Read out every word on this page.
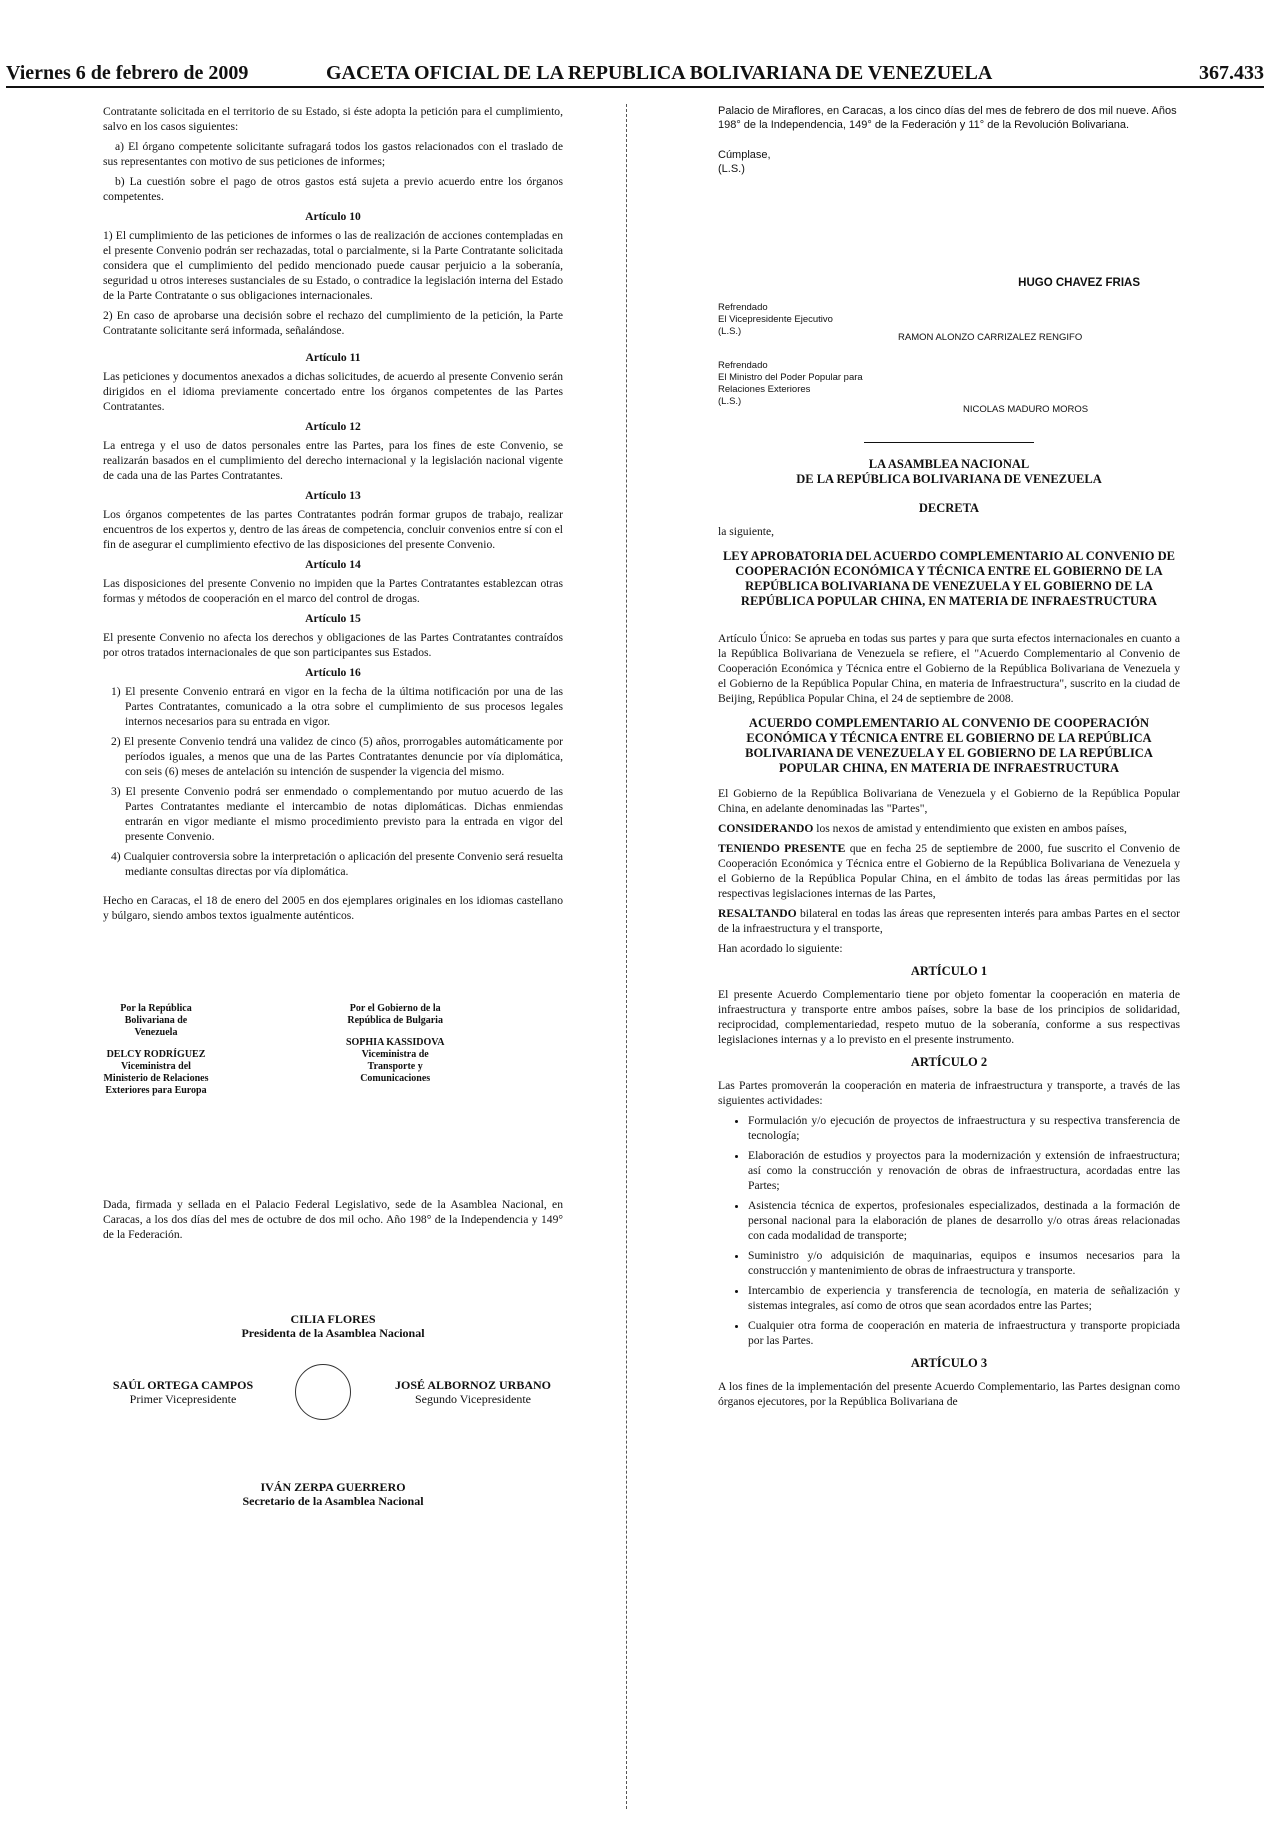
Viernes 6 de febrero de 2009	GACETA OFICIAL DE LA REPUBLICA BOLIVARIANA DE VENEZUELA	367.433

Contratante solicitada en el territorio de su Estado, si éste adopta la petición para el cumplimiento, salvo en los casos siguientes:

a) El órgano competente solicitante sufragará todos los gastos relacionados con el traslado de sus representantes con motivo de sus peticiones de informes;

b) La cuestión sobre el pago de otros gastos está sujeta a previo acuerdo entre los órganos competentes.

Artículo 10

1) El cumplimiento de las peticiones de informes o las de realización de acciones contempladas en el presente Convenio podrán ser rechazadas, total o parcialmente, si la Parte Contratante solicitada considera que el cumplimiento del pedido mencionado puede causar perjuicio a la soberanía, seguridad u otros intereses sustanciales de su Estado, o contradice la legislación interna del Estado de la Parte Contratante o sus obligaciones internacionales.

2) En caso de aprobarse una decisión sobre el rechazo del cumplimiento de la petición, la Parte Contratante solicitante será informada, señalándose.

Artículo 11

Las peticiones y documentos anexados a dichas solicitudes, de acuerdo al presente Convenio serán dirigidos en el idioma previamente concertado entre los órganos competentes de las Partes Contratantes.

Artículo 12

La entrega y el uso de datos personales entre las Partes, para los fines de este Convenio, se realizarán basados en el cumplimiento del derecho internacional y la legislación nacional vigente de cada una de las Partes Contratantes.

Artículo 13

Los órganos competentes de las partes Contratantes podrán formar grupos de trabajo, realizar encuentros de los expertos y, dentro de las áreas de competencia, concluir convenios entre sí con el fin de asegurar el cumplimiento efectivo de las disposiciones del presente Convenio.

Artículo 14

Las disposiciones del presente Convenio no impiden que la Partes Contratantes establezcan otras formas y métodos de cooperación en el marco del control de drogas.

Artículo 15

El presente Convenio no afecta los derechos y obligaciones de las Partes Contratantes contraídos por otros tratados internacionales de que son participantes sus Estados.

Artículo 16

1) El presente Convenio entrará en vigor en la fecha de la última notificación por una de las Partes Contratantes, comunicado a la otra sobre el cumplimiento de sus procesos legales internos necesarios para su entrada en vigor.

2) El presente Convenio tendrá una validez de cinco (5) años, prorrogables automáticamente por períodos iguales, a menos que una de las Partes Contratantes denuncie por vía diplomática, con seis (6) meses de antelación su intención de suspender la vigencia del mismo.

3) El presente Convenio podrá ser enmendado o complementando por mutuo acuerdo de las Partes Contratantes mediante el intercambio de notas diplomáticas. Dichas enmiendas entrarán en vigor mediante el mismo procedimiento previsto para la entrada en vigor del presente Convenio.

4) Cualquier controversia sobre la interpretación o aplicación del presente Convenio será resuelta mediante consultas directas por vía diplomática.

Hecho en Caracas, el 18 de enero del 2005 en dos ejemplares originales en los idiomas castellano y búlgaro, siendo ambos textos igualmente auténticos.

Por la República Bolivariana de Venezuela
DELCY RODRÍGUEZ
Viceministra del Ministerio de Relaciones Exteriores para Europa
Por el Gobierno de la República de Bulgaria
SOPHIA KASSIDOVA
Viceministra de Transporte y Comunicaciones

Dada, firmada y sellada en el Palacio Federal Legislativo, sede de la Asamblea Nacional, en Caracas, a los dos días del mes de octubre de dos mil ocho. Año 198° de la Independencia y 149° de la Federación.

CILIA FLORES
Presidenta de la Asamblea Nacional
SAÚL ORTEGA CAMPOS
Primer Vicepresidente
JOSÉ ALBORNOZ URBANO
Segundo Vicepresidente
IVÁN ZERPA GUERRERO
Secretario de la Asamblea Nacional
Palacio de Miraflores, en Caracas, a los cinco días del mes de febrero de dos mil nueve. Años 198° de la Independencia, 149° de la Federación y 11° de la Revolución Bolivariana.
Cúmplase,
(L.S.)
HUGO CHAVEZ FRIAS
Refrendado
El Vicepresidente Ejecutivo
(L.S.)
RAMON ALONZO CARRIZALEZ RENGIFO
Refrendado
El Ministro del Poder Popular para Relaciones Exteriores
(L.S.)
NICOLAS MADURO MOROS
LA ASAMBLEA NACIONAL
DE LA REPÚBLICA BOLIVARIANA DE VENEZUELA
DECRETA

la siguiente,

LEY APROBATORIA DEL ACUERDO COMPLEMENTARIO AL CONVENIO DE COOPERACIÓN ECONÓMICA Y TÉCNICA ENTRE EL GOBIERNO DE LA REPÚBLICA BOLIVARIANA DE VENEZUELA Y EL GOBIERNO DE LA REPÚBLICA POPULAR CHINA, EN MATERIA DE INFRAESTRUCTURA

Artículo Único: Se aprueba en todas sus partes y para que surta efectos internacionales en cuanto a la República Bolivariana de Venezuela se refiere, el "Acuerdo Complementario al Convenio de Cooperación Económica y Técnica entre el Gobierno de la República Bolivariana de Venezuela y el Gobierno de la República Popular China, en materia de Infraestructura", suscrito en la ciudad de Beijing, República Popular China, el 24 de septiembre de 2008.

ACUERDO COMPLEMENTARIO AL CONVENIO DE COOPERACIÓN ECONÓMICA Y TÉCNICA ENTRE EL GOBIERNO DE LA REPÚBLICA BOLIVARIANA DE VENEZUELA Y EL GOBIERNO DE LA REPÚBLICA POPULAR CHINA, EN MATERIA DE INFRAESTRUCTURA

El Gobierno de la República Bolivariana de Venezuela y el Gobierno de la República Popular China, en adelante denominadas las "Partes",

CONSIDERANDO los nexos de amistad y entendimiento que existen en ambos países,

TENIENDO PRESENTE que en fecha 25 de septiembre de 2000, fue suscrito el Convenio de Cooperación Económica y Técnica entre el Gobierno de la República Bolivariana de Venezuela y el Gobierno de la República Popular China, en el ámbito de todas las áreas permitidas por las respectivas legislaciones internas de las Partes,

RESALTANDO bilateral en todas las áreas que representen interés para ambas Partes en el sector de la infraestructura y el transporte,

Han acordado lo siguiente:

ARTÍCULO 1

El presente Acuerdo Complementario tiene por objeto fomentar la cooperación en materia de infraestructura y transporte entre ambos países, sobre la base de los principios de solidaridad, reciprocidad, complementariedad, respeto mutuo de la soberanía, conforme a sus respectivas legislaciones internas y a lo previsto en el presente instrumento.

ARTÍCULO 2

Las Partes promoverán la cooperación en materia de infraestructura y transporte, a través de las siguientes actividades:

• Formulación y/o ejecución de proyectos de infraestructura y su respectiva transferencia de tecnología;
• Elaboración de estudios y proyectos para la modernización y extensión de infraestructura; así como la construcción y renovación de obras de infraestructura, acordadas entre las Partes;
• Asistencia técnica de expertos, profesionales especializados, destinada a la formación de personal nacional para la elaboración de planes de desarrollo y/o otras áreas relacionadas con cada modalidad de transporte;
• Suministro y/o adquisición de maquinarias, equipos e insumos necesarios para la construcción y mantenimiento de obras de infraestructura y transporte.
• Intercambio de experiencia y transferencia de tecnología, en materia de señalización y sistemas integrales, así como de otros que sean acordados entre las Partes;
• Cualquier otra forma de cooperación en materia de infraestructura y transporte propiciada por las Partes.
ARTÍCULO 3

A los fines de la implementación del presente Acuerdo Complementario, las Partes designan como órganos ejecutores, por la República Bolivariana de
